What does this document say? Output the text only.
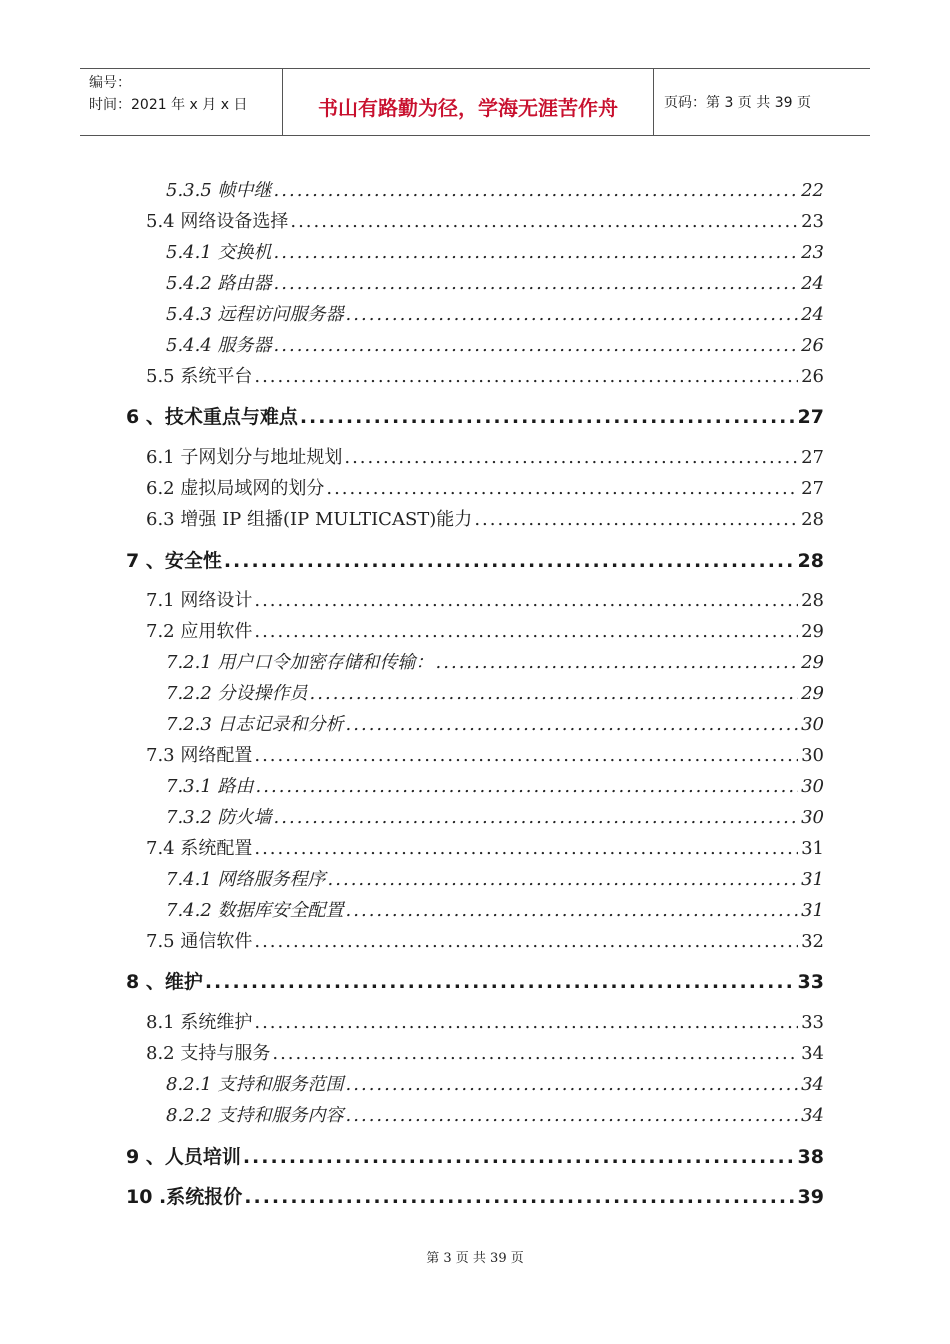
编号：
时间：2021 年 x 月 x 日	书山有路勤为径，学海无涯苦作舟	页码：第 3 页 共 39 页
5.3.5 帧中继 .....	22
5.4 网络设备选择 .....	23
5.4.1 交换机 .....	23
5.4.2 路由器 .....	24
5.4.3 远程访问服务器 .....	24
5.4.4 服务器 .....	26
5.5 系统平台 .....	26
6 、技术重点与难点 .....	27
6.1 子网划分与地址规划 .....	27
6.2 虚拟局域网的划分 .....	27
6.3 增强 IP 组播(IP MULTICAST)能力 .....	28
7 、安全性 .....	28
7.1 网络设计 .....	28
7.2 应用软件 .....	29
7.2.1 用户口令加密存储和传输： .....	29
7.2.2 分设操作员 .....	29
7.2.3 日志记录和分析 .....	30
7.3 网络配置 .....	30
7.3.1 路由 .....	30
7.3.2 防火墙 .....	30
7.4 系统配置 .....	31
7.4.1 网络服务程序 .....	31
7.4.2 数据库安全配置 .....	31
7.5 通信软件 .....	32
8 、维护 .....	33
8.1 系统维护 .....	33
8.2 支持与服务 .....	34
8.2.1 支持和服务范围 .....	34
8.2.2 支持和服务内容 .....	34
9 、人员培训 .....	38
10 .系统报价 .....	39
第 3 页 共 39 页
